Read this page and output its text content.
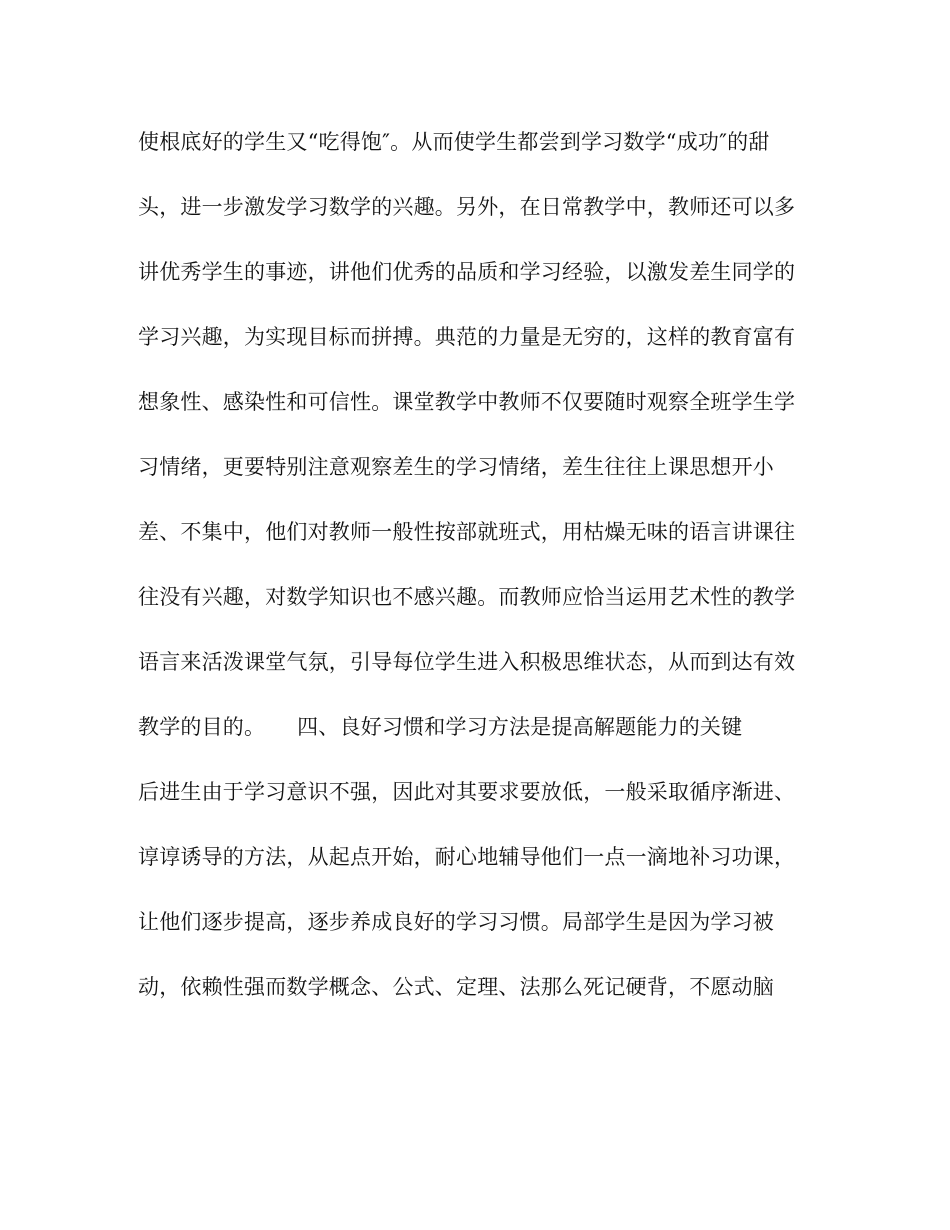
使根底好的学生又“吃得饱″。从而使学生都尝到学习数学“成功″的甜

头，进一步激发学习数学的兴趣。另外，在日常教学中，教师还可以多

讲优秀学生的事迹，讲他们优秀的品质和学习经验，以激发差生同学的

学习兴趣，为实现目标而拼搏。典范的力量是无穷的，这样的教育富有

想象性、感染性和可信性。课堂教学中教师不仅要随时观察全班学生学

习情绪，更要特别注意观察差生的学习情绪，差生往往上课思想开小

差、不集中，他们对教师一般性按部就班式，用枯燥无味的语言讲课往

往没有兴趣，对数学知识也不感兴趣。而教师应恰当运用艺术性的教学

语言来活泼课堂气氛，引导每位学生进入积极思维状态，从而到达有效

教学的目的。　　四、良好习惯和学习方法是提高解题能力的关键

后进生由于学习意识不强，因此对其要求要放低，一般采取循序渐进、

谆谆诱导的方法，从起点开始，耐心地辅导他们一点一滴地补习功课，

让他们逐步提高，逐步养成良好的学习习惯。局部学生是因为学习被

动，依赖性强而数学概念、公式、定理、法那么死记硬背，不愿动脑
